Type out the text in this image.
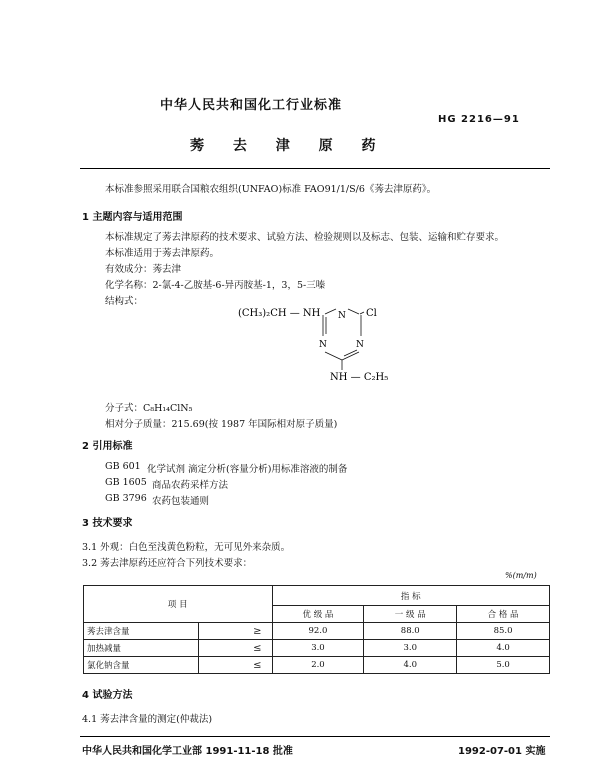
中华人民共和国化工行业标准
HG 2216—91
莠 去 津 原 药
本标准参照采用联合国粮农组织(UNFAO)标准 FAO91/1/S/6《莠去津原药》。
1 主题内容与适用范围
本标准规定了莠去津原药的技术要求、试验方法、检验规则以及标志、包装、运输和贮存要求。
本标准适用于莠去津原药。
有效成分：莠去津
化学名称：2-氯-4-乙胺基-6-异丙胺基-1，3，5-三嗪
结构式：
(CH₃)₂CH — NH	Cl
N
N	N
NH — C₂H₅
分子式：C₈H₁₄ClN₅
相对分子质量：215.69(按 1987 年国际相对原子质量)
2 引用标准
GB 601 化学试剂 滴定分析(容量分析)用标准溶液的制备
GB 1605 商品农药采样方法
GB 3796 农药包装通则
3 技术要求
3.1 外观：白色至浅黄色粉粒，无可见外来杂质。
3.2 莠去津原药还应符合下列技术要求：
%(m/m)
项 目		指 标		
		优 级 品	一 级 品	合 格 品
莠去津含量	≥	92.0	88.0	85.0
加热减量	≤	3.0	3.0	4.0
氯化钠含量	≤	2.0	4.0	5.0
4 试验方法
4.1 莠去津含量的测定(仲裁法)
中华人民共和国化学工业部 1991-11-18 批准	1992-07-01 实施
